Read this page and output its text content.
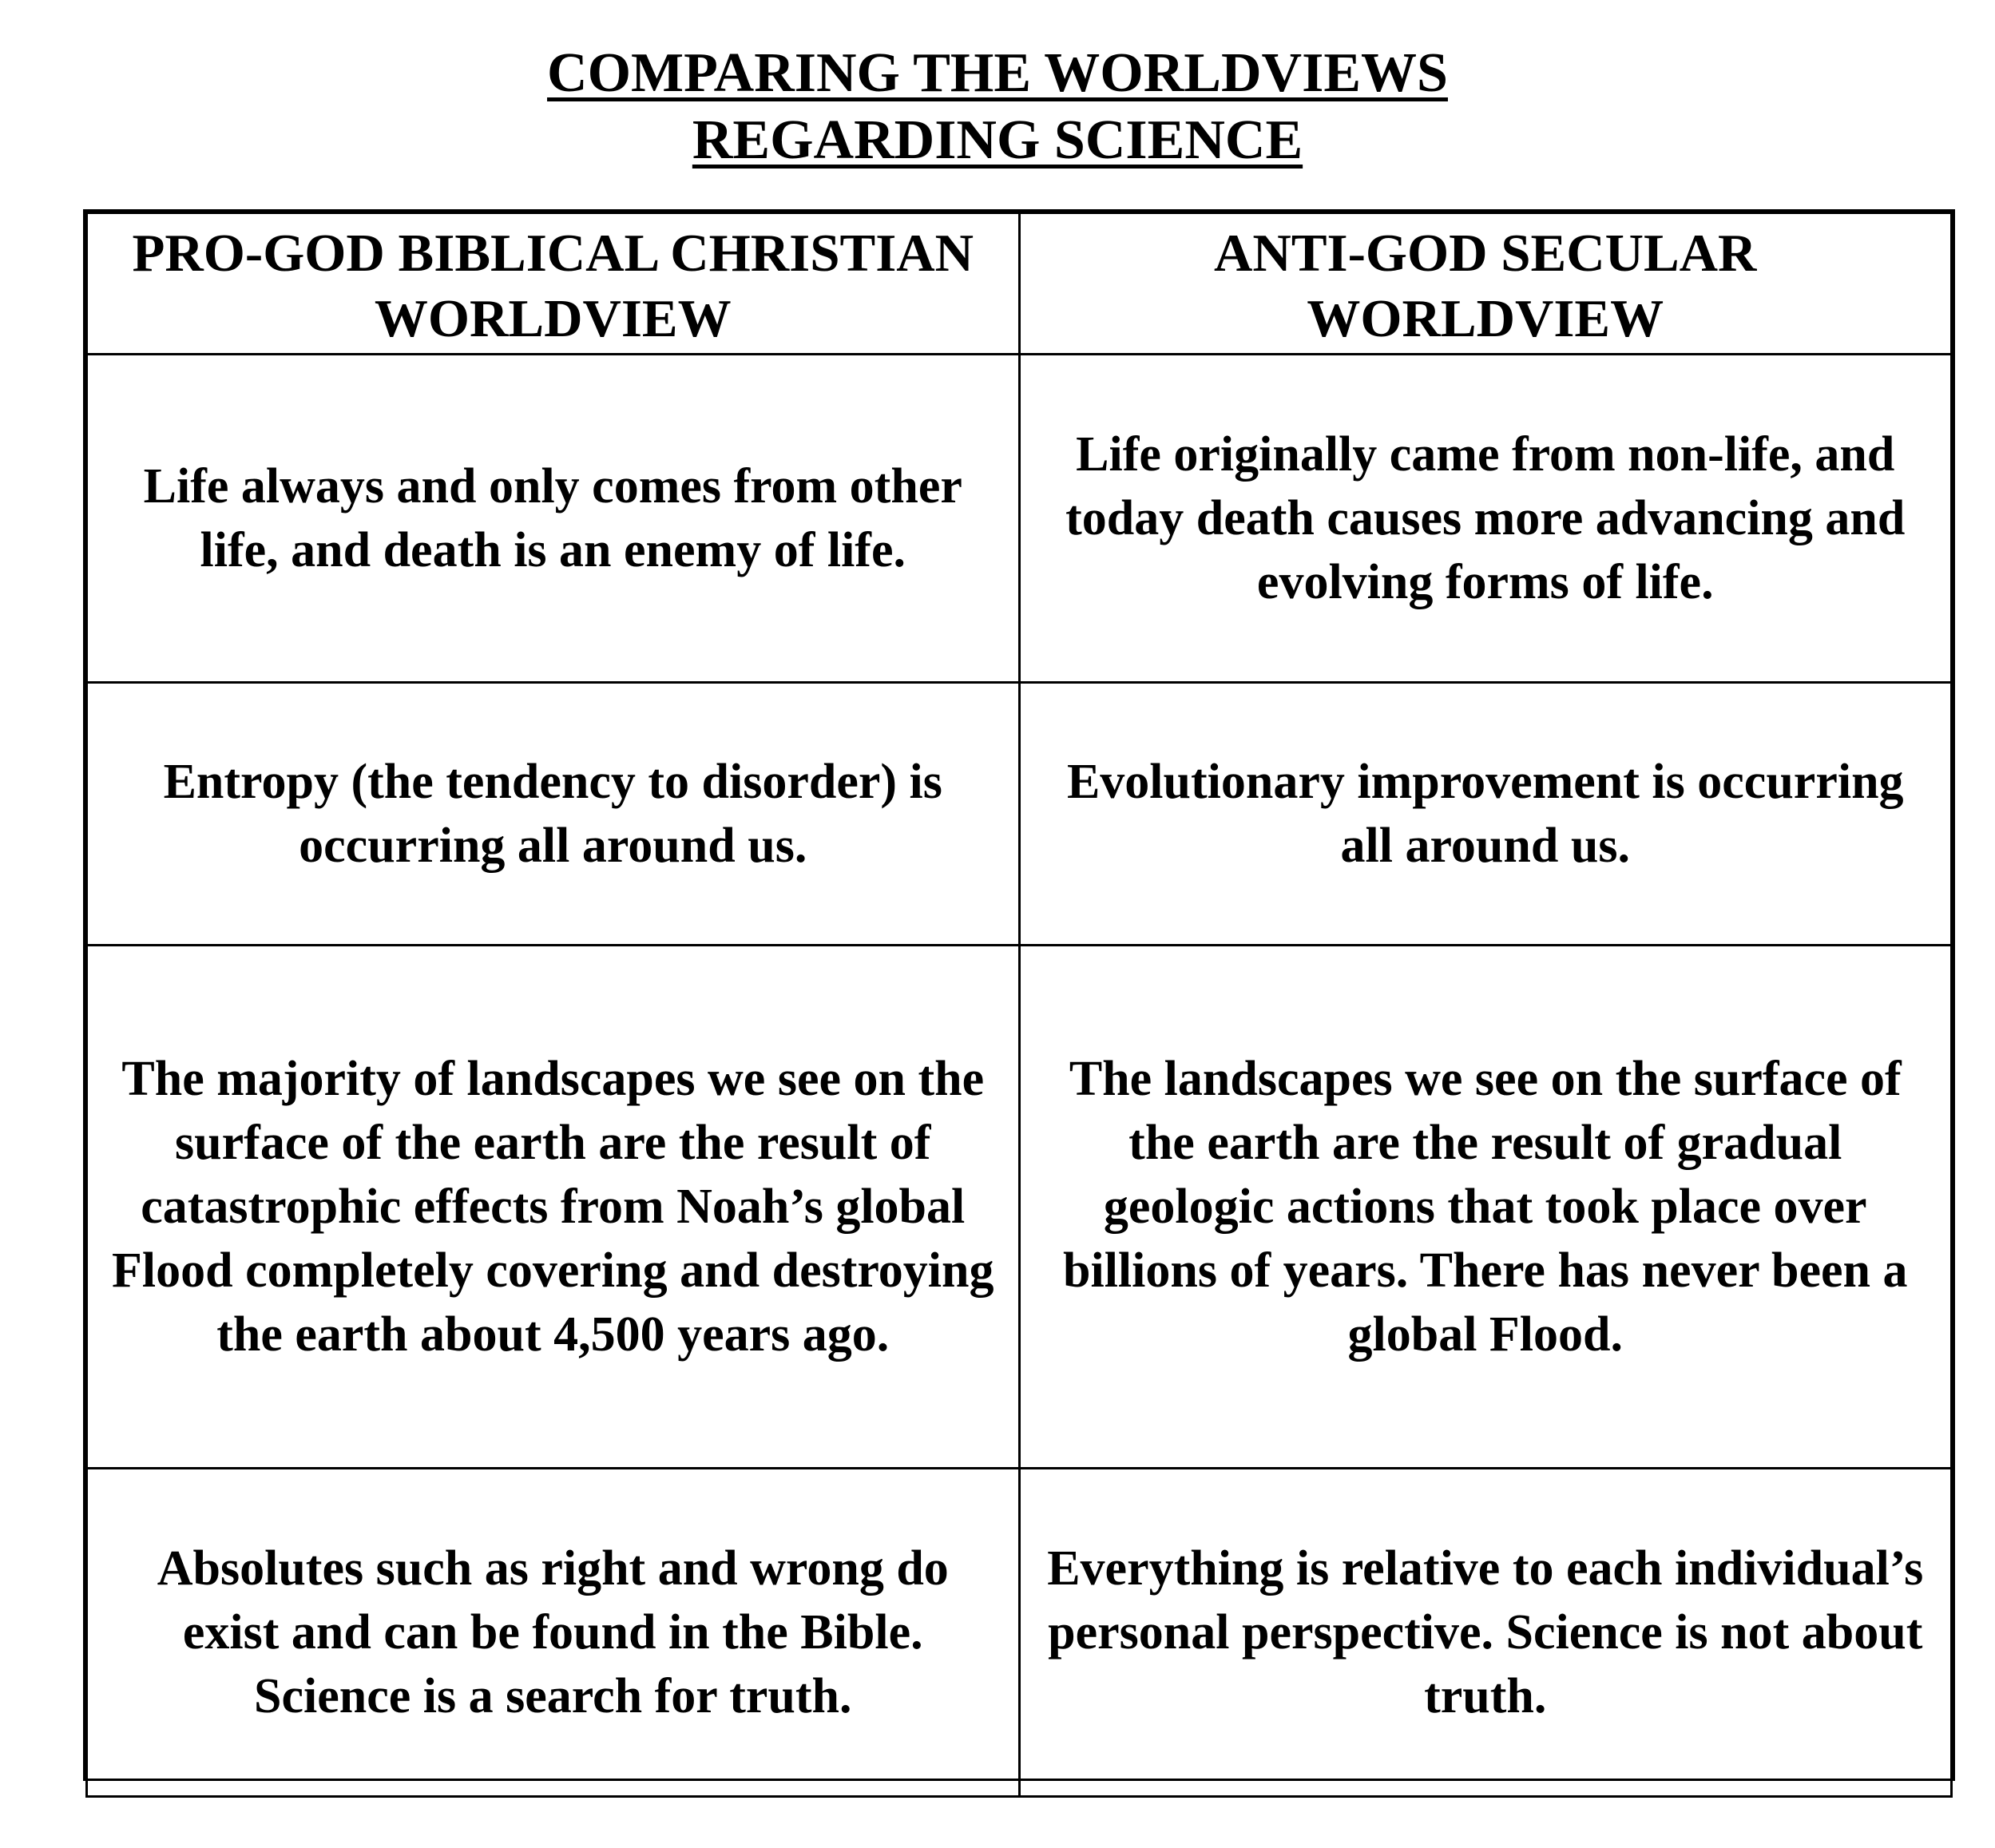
COMPARING THE WORLDVIEWS
REGARDING SCIENCE
PRO-GOD BIBLICAL CHRISTIAN WORLDVIEW	ANTI-GOD SECULAR WORLDVIEW
Life always and only comes from other life, and death is an enemy of life.	Life originally came from non-life, and today death causes more advancing and evolving forms of life.
Entropy (the tendency to disorder) is occurring all around us.	Evolutionary improvement is occurring all around us.
The majority of landscapes we see on the surface of the earth are the result of catastrophic effects from Noah’s global Flood completely covering and destroying the earth about 4,500 years ago.	The landscapes we see on the surface of the earth are the result of gradual geologic actions that took place over billions of years. There has never been a global Flood.
Absolutes such as right and wrong do exist and can be found in the Bible. Science is a search for truth.	Everything is relative to each individual’s personal perspective. Science is not about truth.
